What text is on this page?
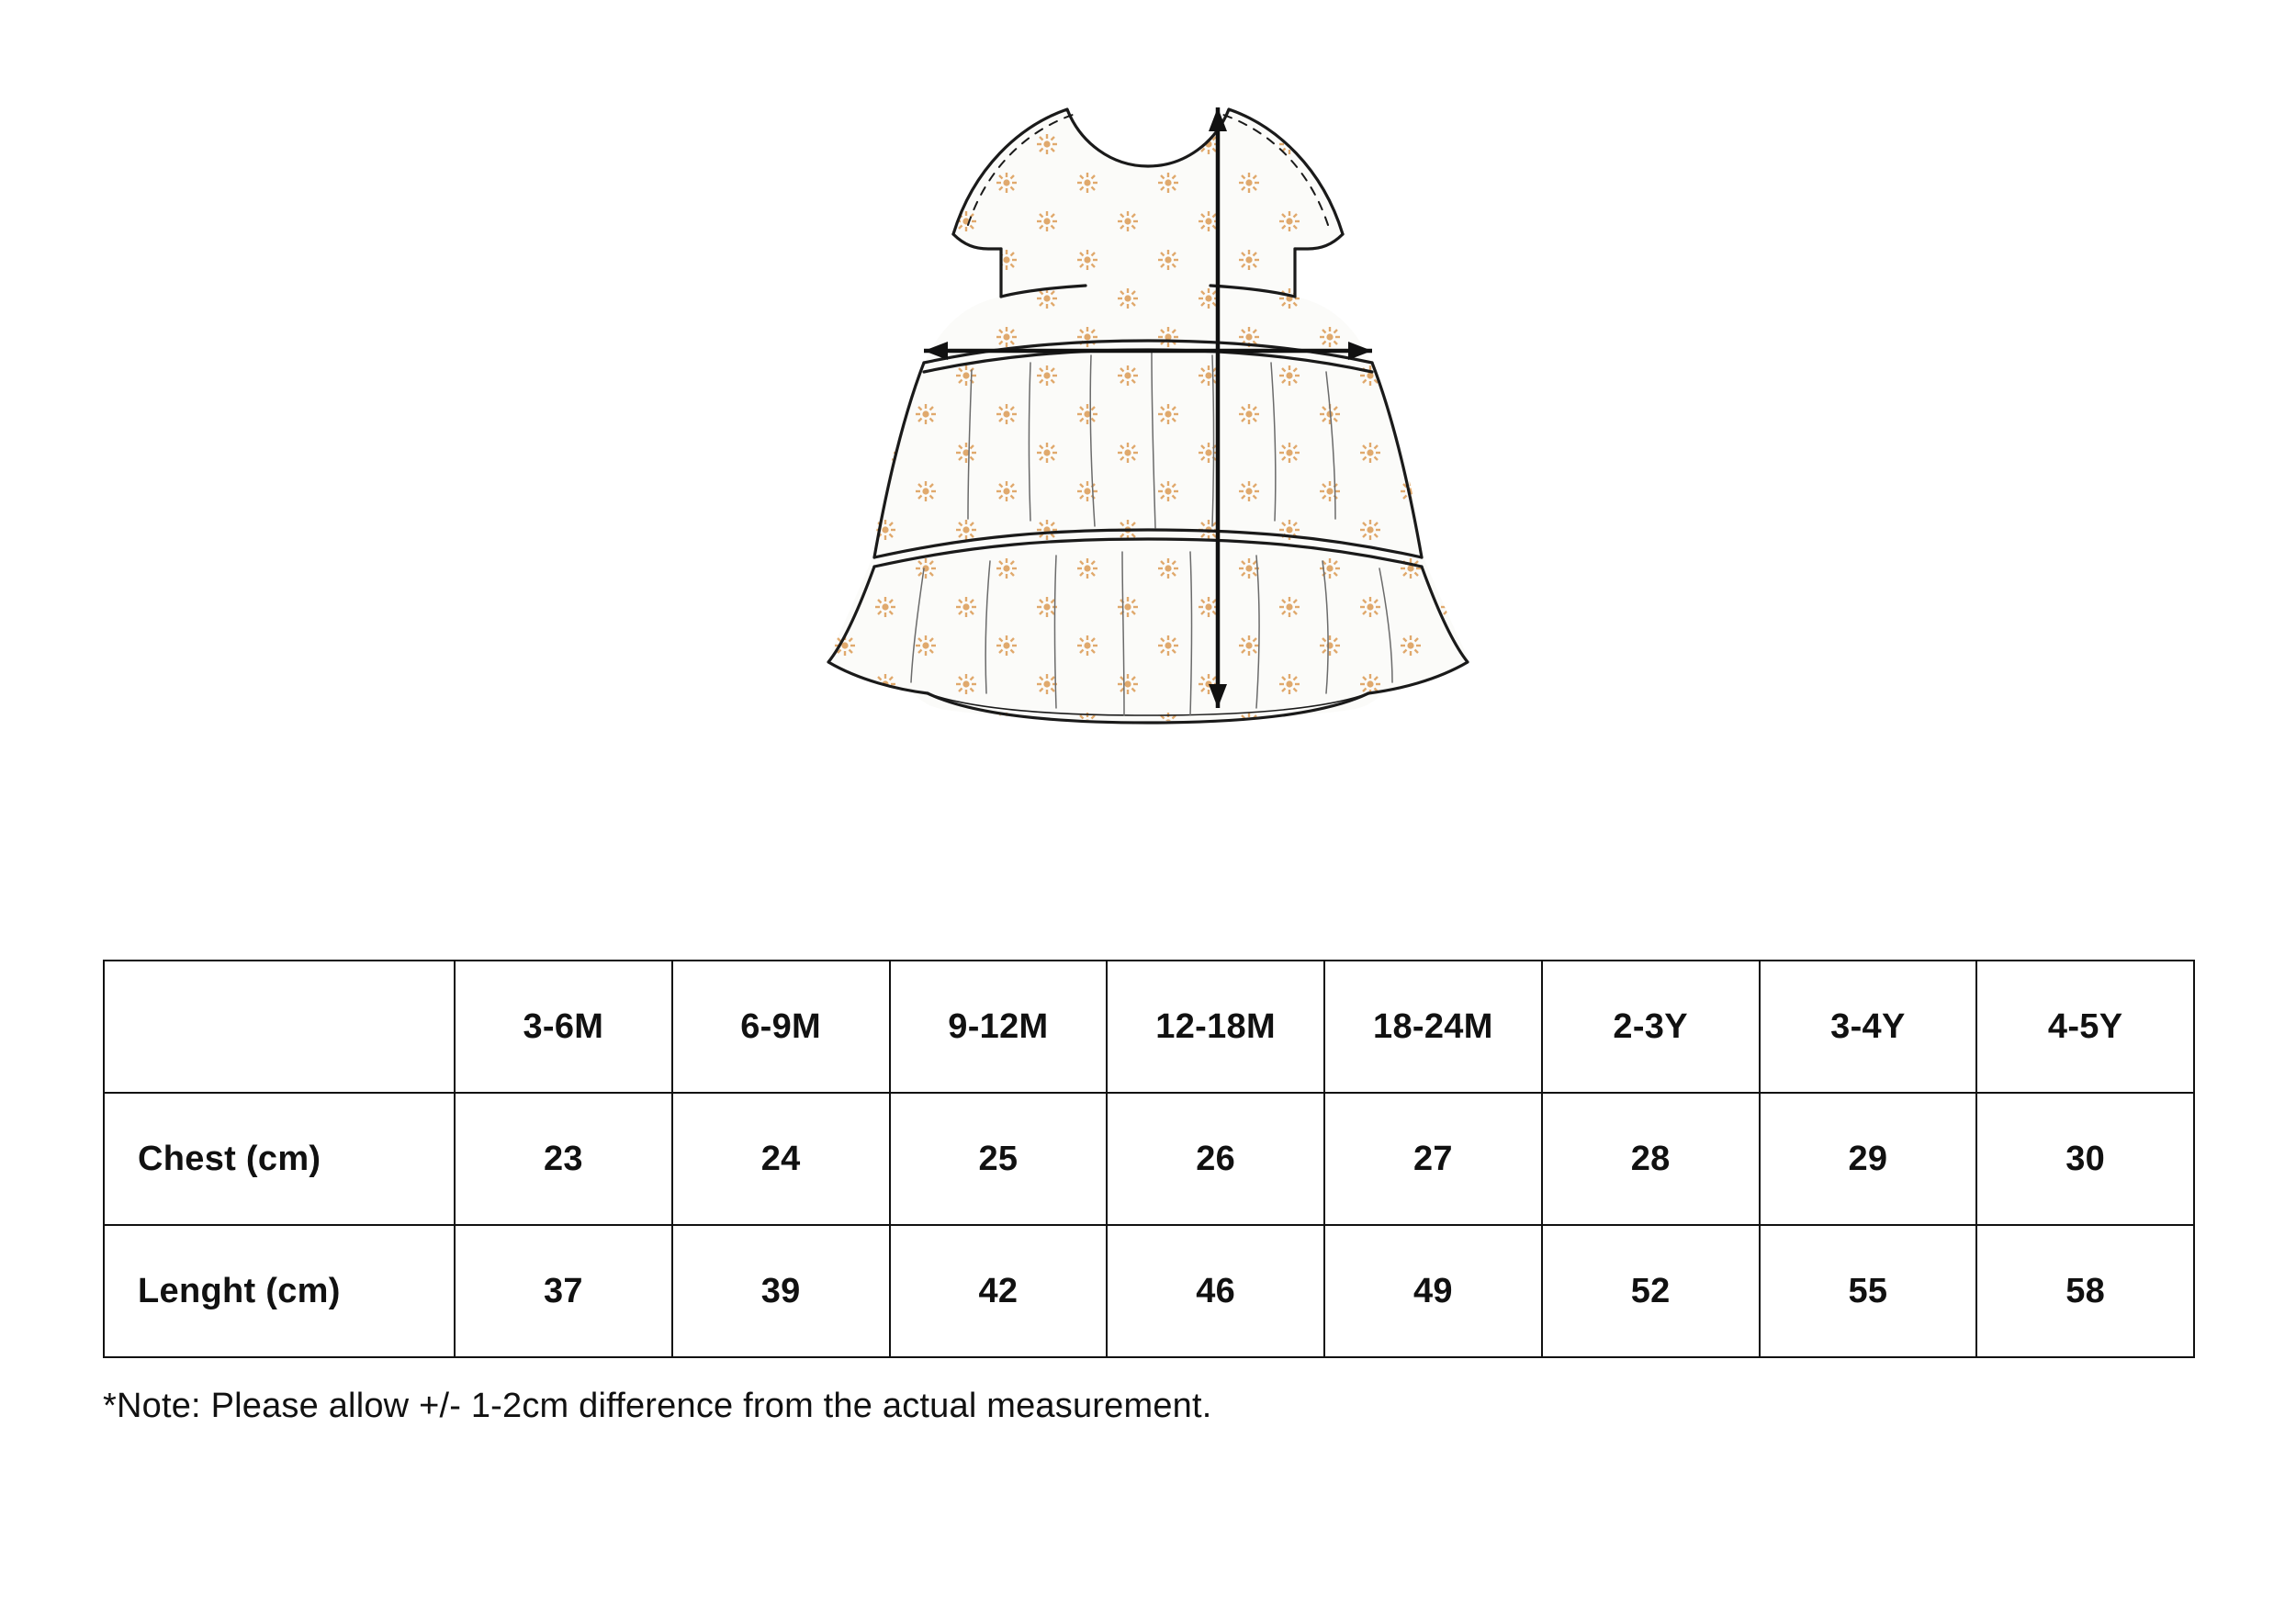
	3-6M	6-9M	9-12M	12-18M	18-24M	2-3Y	3-4Y	4-5Y
Chest (cm)	23	24	25	26	27	28	29	30
Lenght (cm)	37	39	42	46	49	52	55	58
*Note: Please allow +/- 1-2cm difference from the actual measurement.
